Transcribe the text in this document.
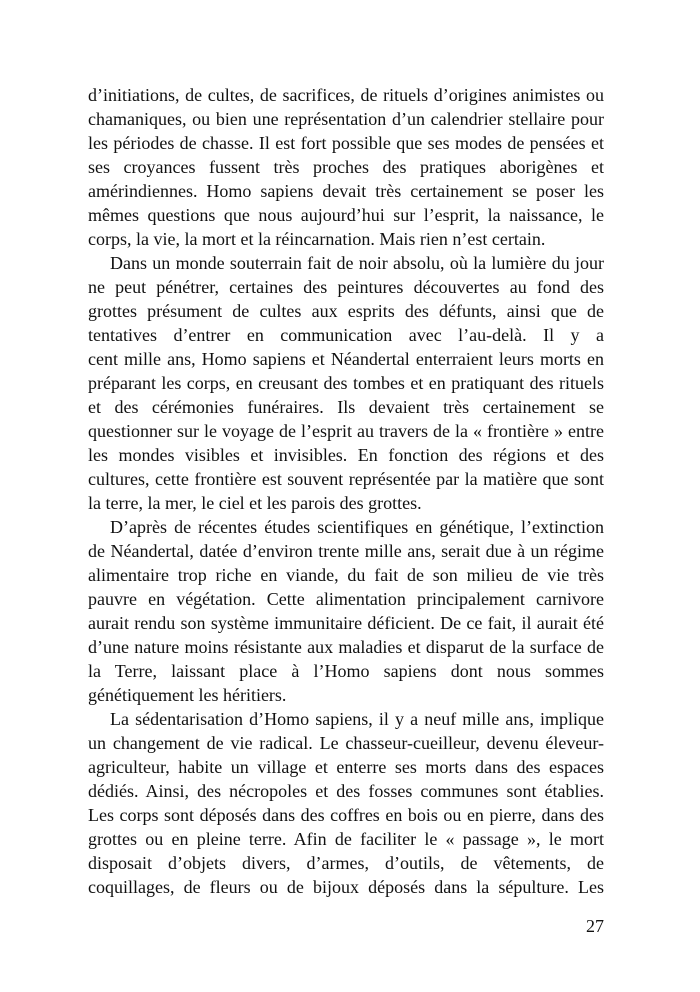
d’initiations, de cultes, de sacrifices, de rituels d’origines animistes ou
chamaniques, ou bien une représentation d’un calendrier stellaire pour
les périodes de chasse. Il est fort possible que ses modes de pensées et
ses croyances fussent très proches des pratiques aborigènes et
amérindiennes. Homo sapiens devait très certainement se poser les
mêmes questions que nous aujourd’hui sur l’esprit, la naissance, le
corps, la vie, la mort et la réincarnation. Mais rien n’est certain.
Dans un monde souterrain fait de noir absolu, où la lumière du jour
ne peut pénétrer, certaines des peintures découvertes au fond des
grottes présument de cultes aux esprits des défunts, ainsi que de
tentatives d’entrer en communication avec l’au-delà. Il y a
cent mille ans, Homo sapiens et Néandertal enterraient leurs morts en
préparant les corps, en creusant des tombes et en pratiquant des rituels
et des cérémonies funéraires. Ils devaient très certainement se
questionner sur le voyage de l’esprit au travers de la « frontière » entre
les mondes visibles et invisibles. En fonction des régions et des
cultures, cette frontière est souvent représentée par la matière que sont
la terre, la mer, le ciel et les parois des grottes.
D’après de récentes études scientifiques en génétique, l’extinction
de Néandertal, datée d’environ trente mille ans, serait due à un régime
alimentaire trop riche en viande, du fait de son milieu de vie très
pauvre en végétation. Cette alimentation principalement carnivore
aurait rendu son système immunitaire déficient. De ce fait, il aurait été
d’une nature moins résistante aux maladies et disparut de la surface de
la Terre, laissant place à l’Homo sapiens dont nous sommes
génétiquement les héritiers.
La sédentarisation d’Homo sapiens, il y a neuf mille ans, implique
un changement de vie radical. Le chasseur-cueilleur, devenu éleveur-
agriculteur, habite un village et enterre ses morts dans des espaces
dédiés. Ainsi, des nécropoles et des fosses communes sont établies.
Les corps sont déposés dans des coffres en bois ou en pierre, dans des
grottes ou en pleine terre. Afin de faciliter le « passage », le mort
disposait d’objets divers, d’armes, d’outils, de vêtements, de
coquillages, de fleurs ou de bijoux déposés dans la sépulture. Les
27
